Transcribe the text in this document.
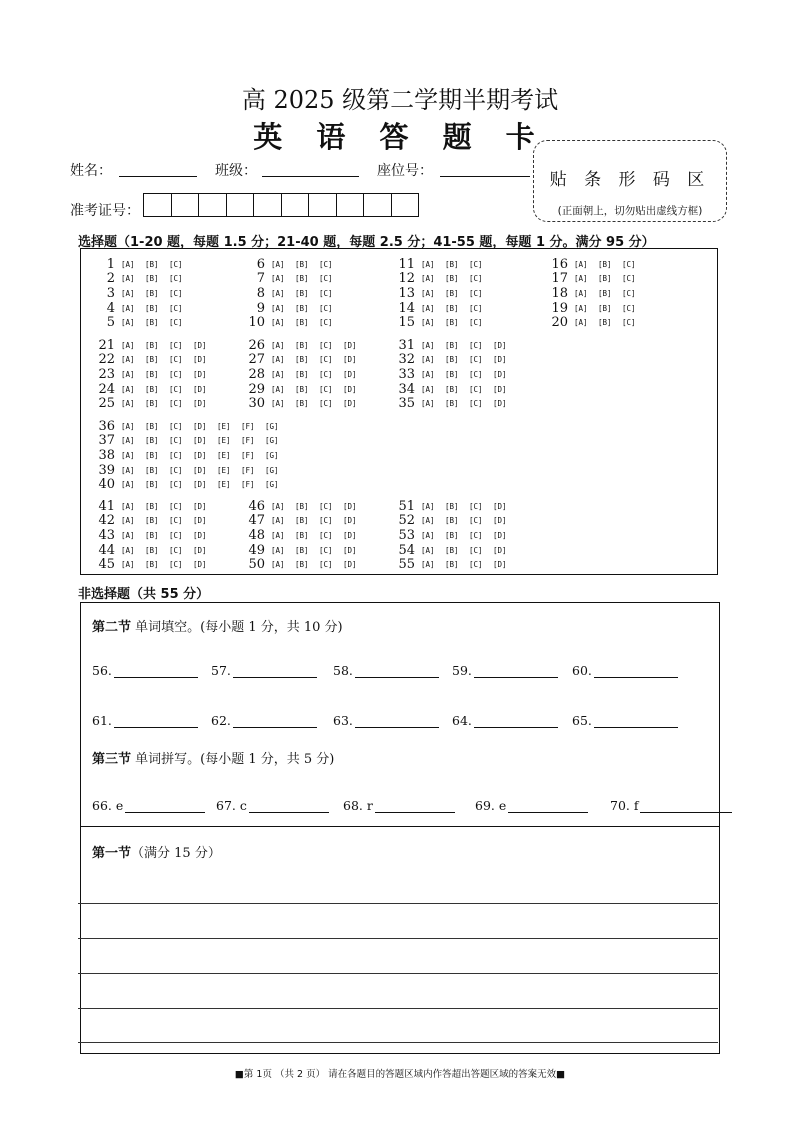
高 2025 级第二学期半期考试
英 语 答 题 卡
姓名：	班级：	座位号：
准考证号：
贴 条 形 码 区
(正面朝上，切勿贴出虚线方框)
选择题（1-20 题，每题 1.5 分；21-40 题，每题 2.5 分；41-55 题，每题 1 分。满分 95 分）
1 [A]	[B]	[C]
2 [A]	[B]	[C]
3 [A]	[B]	[C]
4 [A]	[B]	[C]
5 [A]	[B]	[C]
6 [A]	[B]	[C]
7 [A]	[B]	[C]
8 [A]	[B]	[C]
9 [A]	[B]	[C]
10 [A]	[B]	[C]
11 [A]	[B]	[C]
12 [A]	[B]	[C]
13 [A]	[B]	[C]
14 [A]	[B]	[C]
15 [A]	[B]	[C]
16 [A]	[B]	[C]
17 [A]	[B]	[C]
18 [A]	[B]	[C]
19 [A]	[B]	[C]
20 [A]	[B]	[C]
21 [A]	[B]	[C]	[D]
22 [A]	[B]	[C]	[D]
23 [A]	[B]	[C]	[D]
24 [A]	[B]	[C]	[D]
25 [A]	[B]	[C]	[D]
26 [A]	[B]	[C]	[D]
27 [A]	[B]	[C]	[D]
28 [A]	[B]	[C]	[D]
29 [A]	[B]	[C]	[D]
30 [A]	[B]	[C]	[D]
31 [A]	[B]	[C]	[D]
32 [A]	[B]	[C]	[D]
33 [A]	[B]	[C]	[D]
34 [A]	[B]	[C]	[D]
35 [A]	[B]	[C]	[D]
36 [A]	[B]	[C]	[D]	[E]	[F]	[G]
37 [A]	[B]	[C]	[D]	[E]	[F]	[G]
38 [A]	[B]	[C]	[D]	[E]	[F]	[G]
39 [A]	[B]	[C]	[D]	[E]	[F]	[G]
40 [A]	[B]	[C]	[D]	[E]	[F]	[G]
41 [A]	[B]	[C]	[D]
42 [A]	[B]	[C]	[D]
43 [A]	[B]	[C]	[D]
44 [A]	[B]	[C]	[D]
45 [A]	[B]	[C]	[D]
46 [A]	[B]	[C]	[D]
47 [A]	[B]	[C]	[D]
48 [A]	[B]	[C]	[D]
49 [A]	[B]	[C]	[D]
50 [A]	[B]	[C]	[D]
51 [A]	[B]	[C]	[D]
52 [A]	[B]	[C]	[D]
53 [A]	[B]	[C]	[D]
54 [A]	[B]	[C]	[D]
55 [A]	[B]	[C]	[D]
非选择题（共 55 分）
第二节 单词填空。(每小题 1 分，共 10 分)
第三节 单词拼写。(每小题 1 分，共 5 分)
第一节（满分 15 分）
56.	57.	58.	59.	60.
61.	62.	63.	64.	65.
66. e	67. c	68. r	69. e	70. f
■第 1页 （共 2 页） 请在各题目的答题区域内作答超出答题区域的答案无效■
